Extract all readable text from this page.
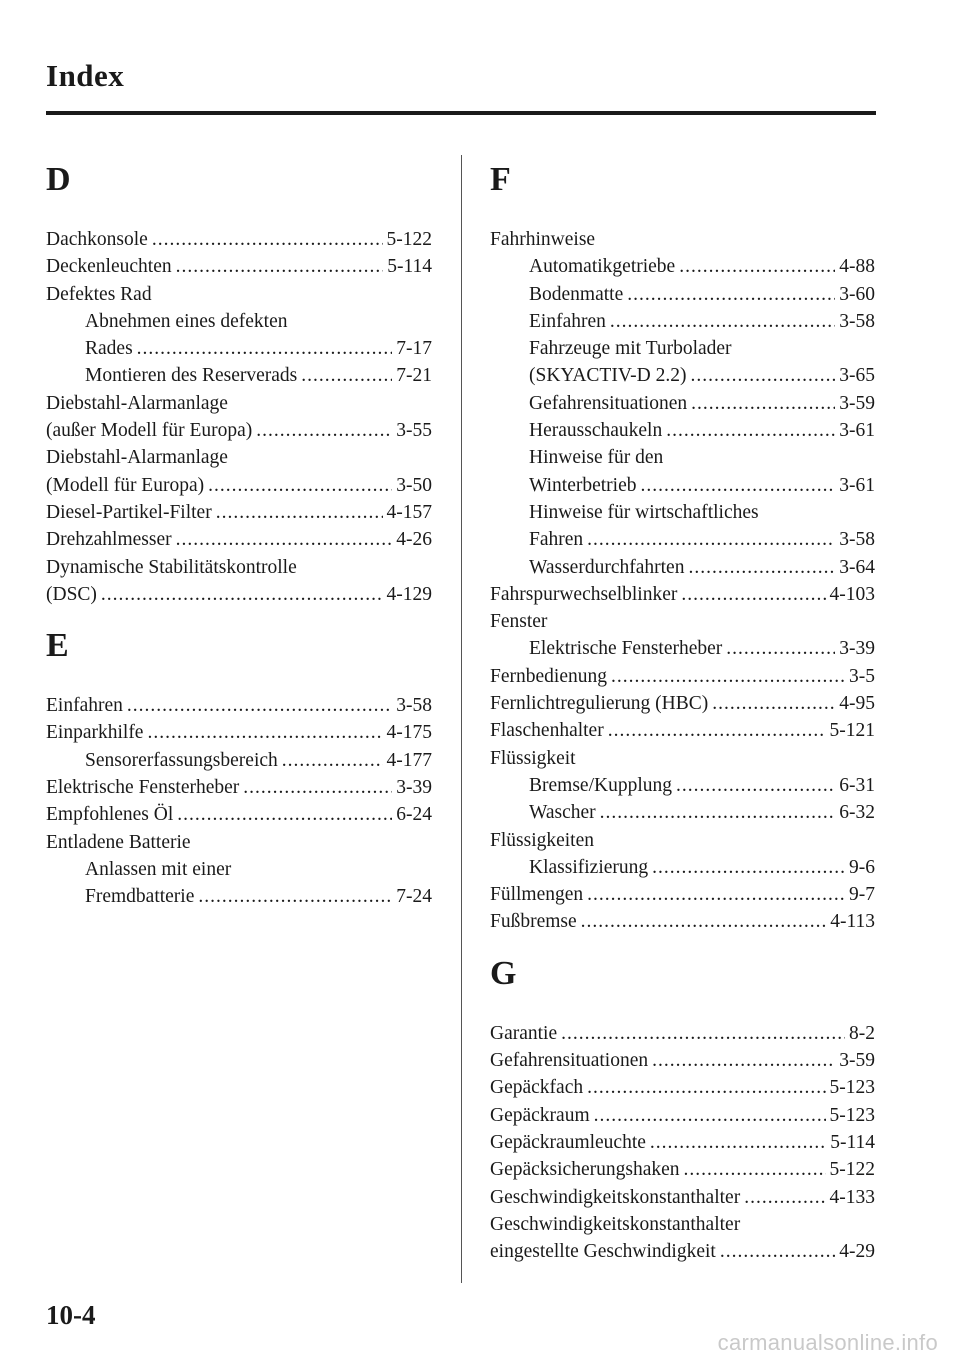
Index
D
Dachkonsole .....	5-122
Deckenleuchten .....	5-114
Defektes Rad
Abnehmen eines defekten
Rades .....	7-17
Montieren des Reserverads .....	7-21
Diebstahl-Alarmanlage
(außer Modell für Europa) .....	3-55
Diebstahl-Alarmanlage
(Modell für Europa) .....	3-50
Diesel-Partikel-Filter .....	4-157
Drehzahlmesser .....	4-26
Dynamische Stabilitätskontrolle
(DSC) .....	4-129
E
Einfahren .....	3-58
Einparkhilfe .....	4-175
Sensorerfassungsbereich .....	4-177
Elektrische Fensterheber .....	3-39
Empfohlenes Öl .....	6-24
Entladene Batterie
Anlassen mit einer
Fremdbatterie .....	7-24
F
Fahrhinweise
Automatikgetriebe .....	4-88
Bodenmatte .....	3-60
Einfahren .....	3-58
Fahrzeuge mit Turbolader
(SKYACTIV-D 2.2) .....	3-65
Gefahrensituationen .....	3-59
Herausschaukeln .....	3-61
Hinweise für den
Winterbetrieb .....	3-61
Hinweise für wirtschaftliches
Fahren .....	3-58
Wasserdurchfahrten .....	3-64
Fahrspurwechselblinker .....	4-103
Fenster
Elektrische Fensterheber .....	3-39
Fernbedienung .....	3-5
Fernlichtregulierung (HBC) .....	4-95
Flaschenhalter .....	5-121
Flüssigkeit
Bremse/Kupplung .....	6-31
Wascher .....	6-32
Flüssigkeiten
Klassifizierung .....	9-6
Füllmengen .....	9-7
Fußbremse .....	4-113
G
Garantie .....	8-2
Gefahrensituationen .....	3-59
Gepäckfach .....	5-123
Gepäckraum .....	5-123
Gepäckraumleuchte .....	5-114
Gepäcksicherungshaken .....	5-122
Geschwindigkeitskonstanthalter .....	4-133
Geschwindigkeitskonstanthalter
eingestellte Geschwindigkeit .....	4-29
10-4
carmanualsonline.info
